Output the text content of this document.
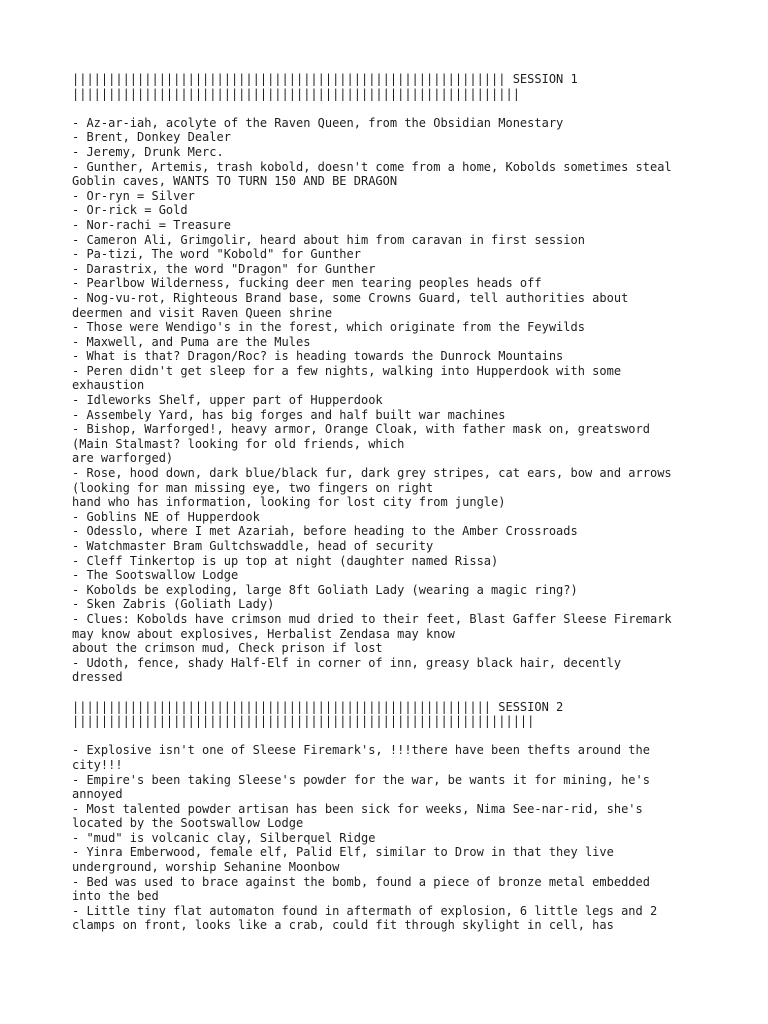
|||||||||||||||||||||||||||||||||||||||||||||||||||||||||||| SESSION 1
||||||||||||||||||||||||||||||||||||||||||||||||||||||||||||||
- Az-ar-iah, acolyte of the Raven Queen, from the Obsidian Monestary
- Brent, Donkey Dealer
- Jeremy, Drunk Merc.
- Gunther, Artemis, trash kobold, doesn't come from a home, Kobolds sometimes steal
Goblin caves, WANTS TO TURN 150 AND BE DRAGON
- Or-ryn = Silver
- Or-rick = Gold
- Nor-rachi = Treasure
- Cameron Ali, Grimgolir, heard about him from caravan in first session
- Pa-tizi, The word "Kobold" for Gunther
- Darastrix, the word "Dragon" for Gunther
- Pearlbow Wilderness, fucking deer men tearing peoples heads off
- Nog-vu-rot, Righteous Brand base, some Crowns Guard, tell authorities about
deermen and visit Raven Queen shrine
- Those were Wendigo's in the forest, which originate from the Feywilds
- Maxwell, and Puma are the Mules
- What is that? Dragon/Roc? is heading towards the Dunrock Mountains
- Peren didn't get sleep for a few nights, walking into Hupperdook with some
exhaustion
- Idleworks Shelf, upper part of Hupperdook
- Assembely Yard, has big forges and half built war machines
- Bishop, Warforged!, heavy armor, Orange Cloak, with father mask on, greatsword
(Main Stalmast? looking for old friends, which
are warforged)
- Rose, hood down, dark blue/black fur, dark grey stripes, cat ears, bow and arrows
(looking for man missing eye, two fingers on right
hand who has information, looking for lost city from jungle)
- Goblins NE of Hupperdook
- Odesslo, where I met Azariah, before heading to the Amber Crossroads
- Watchmaster Bram Gultchswaddle, head of security
- Cleff Tinkertop is up top at night (daughter named Rissa)
- The Sootswallow Lodge
- Kobolds be exploding, large 8ft Goliath Lady (wearing a magic ring?)
- Sken Zabris (Goliath Lady)
- Clues: Kobolds have crimson mud dried to their feet, Blast Gaffer Sleese Firemark
may know about explosives, Herbalist Zendasa may know
about the crimson mud, Check prison if lost
- Udoth, fence, shady Half-Elf in corner of inn, greasy black hair, decently
dressed
|||||||||||||||||||||||||||||||||||||||||||||||||||||||||| SESSION 2
||||||||||||||||||||||||||||||||||||||||||||||||||||||||||||||||
- Explosive isn't one of Sleese Firemark's, !!!there have been thefts around the
city!!!
- Empire's been taking Sleese's powder for the war, be wants it for mining, he's
annoyed
- Most talented powder artisan has been sick for weeks, Nima See-nar-rid, she's
located by the Sootswallow Lodge
- "mud" is volcanic clay, Silberquel Ridge
- Yinra Emberwood, female elf, Palid Elf, similar to Drow in that they live
underground, worship Sehanine Moonbow
- Bed was used to brace against the bomb, found a piece of bronze metal embedded
into the bed
- Little tiny flat automaton found in aftermath of explosion, 6 little legs and 2
clamps on front, looks like a crab, could fit through skylight in cell, has
